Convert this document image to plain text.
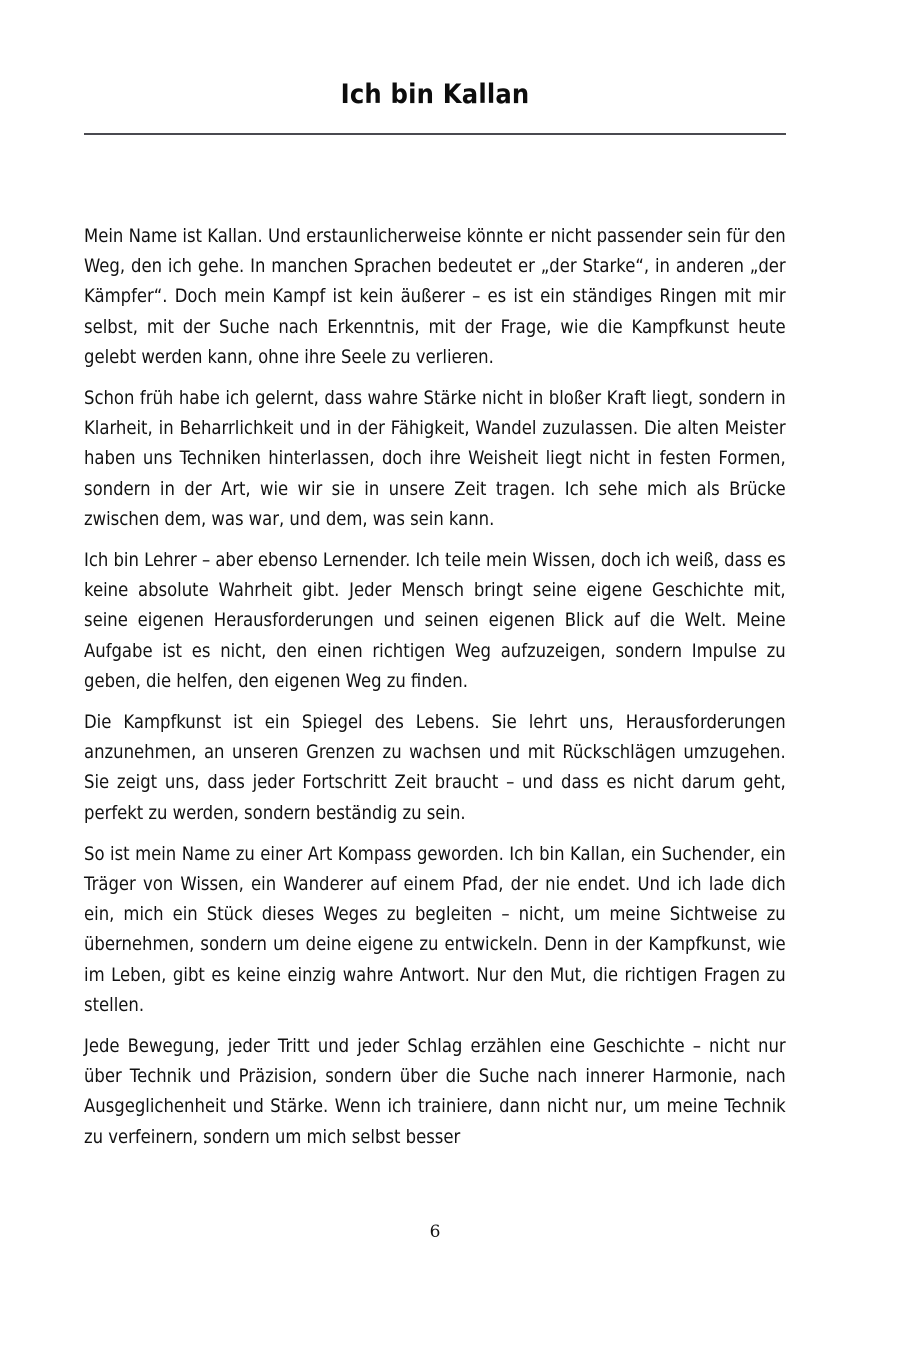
Ich bin Kallan

Mein Name ist Kallan. Und erstaunlicherweise könnte er nicht passender sein für den Weg, den ich gehe. In manchen Sprachen bedeutet er „der Starke“, in anderen „der Kämpfer“. Doch mein Kampf ist kein äußerer – es ist ein ständiges Ringen mit mir selbst, mit der Suche nach Erkenntnis, mit der Frage, wie die Kampfkunst heute gelebt werden kann, ohne ihre Seele zu verlieren.

Schon früh habe ich gelernt, dass wahre Stärke nicht in bloßer Kraft liegt, sondern in Klarheit, in Beharrlichkeit und in der Fähigkeit, Wandel zuzulassen. Die alten Meister haben uns Techniken hinterlassen, doch ihre Weisheit liegt nicht in festen Formen, sondern in der Art, wie wir sie in unsere Zeit tragen. Ich sehe mich als Brücke zwischen dem, was war, und dem, was sein kann.

Ich bin Lehrer – aber ebenso Lernender. Ich teile mein Wissen, doch ich weiß, dass es keine absolute Wahrheit gibt. Jeder Mensch bringt seine eigene Geschichte mit, seine eigenen Herausforderungen und seinen eigenen Blick auf die Welt. Meine Aufgabe ist es nicht, den einen richtigen Weg aufzuzeigen, sondern Impulse zu geben, die helfen, den eigenen Weg zu finden.

Die Kampfkunst ist ein Spiegel des Lebens. Sie lehrt uns, Herausforderungen anzunehmen, an unseren Grenzen zu wachsen und mit Rückschlägen umzugehen. Sie zeigt uns, dass jeder Fortschritt Zeit braucht – und dass es nicht darum geht, perfekt zu werden, sondern beständig zu sein.

So ist mein Name zu einer Art Kompass geworden. Ich bin Kallan, ein Suchender, ein Träger von Wissen, ein Wanderer auf einem Pfad, der nie endet. Und ich lade dich ein, mich ein Stück dieses Weges zu begleiten – nicht, um meine Sichtweise zu übernehmen, sondern um deine eigene zu entwickeln. Denn in der Kampfkunst, wie im Leben, gibt es keine einzig wahre Antwort. Nur den Mut, die richtigen Fragen zu stellen.

Jede Bewegung, jeder Tritt und jeder Schlag erzählen eine Geschichte – nicht nur über Technik und Präzision, sondern über die Suche nach innerer Harmonie, nach Ausgeglichenheit und Stärke. Wenn ich trainiere, dann nicht nur, um meine Technik zu verfeinern, sondern um mich selbst besser

6
